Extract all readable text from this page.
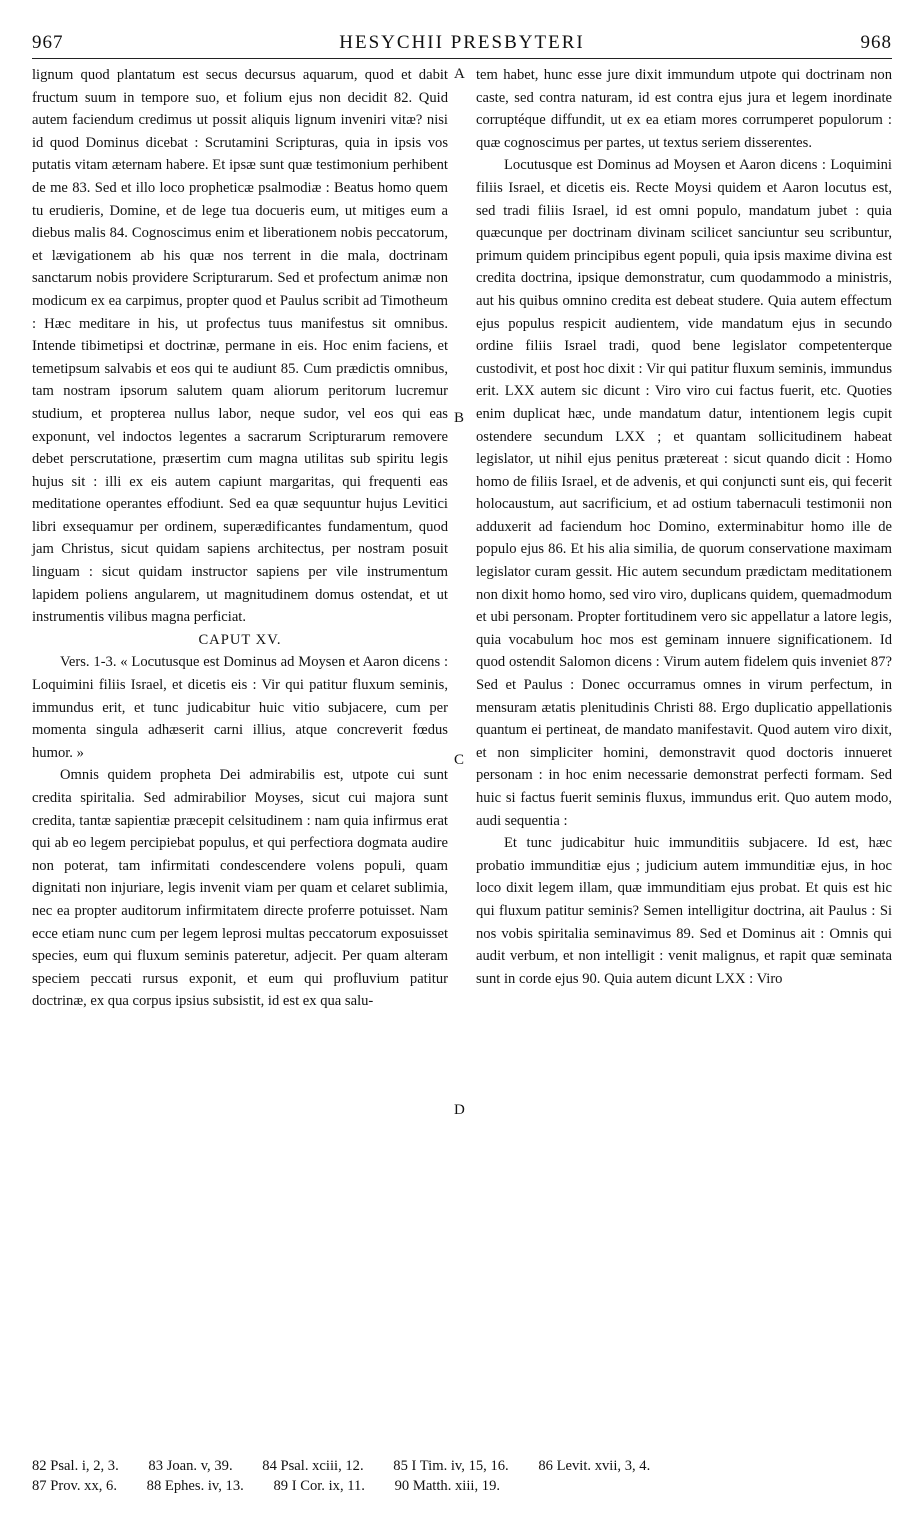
967	HESYCHII PRESBYTERI	968
A
B
C
D

lignum quod plantatum est secus decursus aquarum, quod et dabit fructum suum in tempore suo, et folium ejus non decidit 82. Quid autem faciendum credimus ut possit aliquis lignum inveniri vitæ? nisi id quod Dominus dicebat : Scrutamini Scripturas, quia in ipsis vos putatis vitam æternam habere. Et ipsæ sunt quæ testimonium perhibent de me 83. Sed et illo loco propheticæ psalmodiæ : Beatus homo quem tu erudieris, Domine, et de lege tua docueris eum, ut mitiges eum a diebus malis 84. Cognoscimus enim et liberationem nobis peccatorum, et lævigationem ab his quæ nos terrent in die mala, doctrinam sanctarum nobis providere Scripturarum. Sed et profectum animæ non modicum ex ea carpimus, propter quod et Paulus scribit ad Timotheum : Hæc meditare in his, ut profectus tuus manifestus sit omnibus. Intende tibimetipsi et doctrinæ, permane in eis. Hoc enim faciens, et temetipsum salvabis et eos qui te audiunt 85. Cum prædictis omnibus, tam nostram ipsorum salutem quam aliorum peritorum lucremur studium, et propterea nullus labor, neque sudor, vel eos qui eas exponunt, vel indoctos legentes a sacrarum Scripturarum removere debet perscrutatione, præsertim cum magna utilitas sub spiritu legis hujus sit : illi ex eis autem capiunt margaritas, qui frequenti eas meditatione operantes effodiunt. Sed ea quæ sequuntur hujus Levitici libri exsequamur per ordinem, superædificantes fundamentum, quod jam Christus, sicut quidam sapiens architectus, per nostram posuit linguam : sicut quidam instructor sapiens per vile instrumentum lapidem poliens angularem, ut magnitudinem domus ostendat, et ut instrumentis vilibus magna perficiat.

CAPUT XV.

Vers. 1-3. « Locutusque est Dominus ad Moysen et Aaron dicens : Loquimini filiis Israel, et dicetis eis : Vir qui patitur fluxum seminis, immundus erit, et tunc judicabitur huic vitio subjacere, cum per momenta singula adhæserit carni illius, atque concreverit fœdus humor. »

Omnis quidem propheta Dei admirabilis est, utpote cui sunt credita spiritalia. Sed admirabilior Moyses, sicut cui majora sunt credita, tantæ sapientiæ præcepit celsitudinem : nam quia infirmus erat qui ab eo legem percipiebat populus, et qui perfectiora dogmata audire non poterat, tam infirmitati condescendere volens populi, quam dignitati non injuriare, legis invenit viam per quam et celaret sublimia, nec ea propter auditorum infirmitatem directe proferre potuisset. Nam ecce etiam nunc cum per legem leprosi multas peccatorum exposuisset species, eum qui fluxum seminis pateretur, adjecit. Per quam alteram speciem peccati rursus exponit, et eum qui profluvium patitur doctrinæ, ex qua corpus ipsius subsistit, id est ex qua salu-

tem habet, hunc esse jure dixit immundum utpote qui doctrinam non caste, sed contra naturam, id est contra ejus jura et legem inordinate corruptéque diffundit, ut ex ea etiam mores corrumperet populorum : quæ cognoscimus per partes, ut textus seriem disserentes.

Locutusque est Dominus ad Moysen et Aaron dicens : Loquimini filiis Israel, et dicetis eis. Recte Moysi quidem et Aaron locutus est, sed tradi filiis Israel, id est omni populo, mandatum jubet : quia quæcunque per doctrinam divinam scilicet sanciuntur seu scribuntur, primum quidem principibus egent populi, quia ipsis maxime divina est credita doctrina, ipsique demonstratur, cum quodammodo a ministris, aut his quibus omnino credita est debeat studere. Quia autem effectum ejus populus respicit audientem, vide mandatum ejus in secundo ordine filiis Israel tradi, quod bene legislator competenterque custodivit, et post hoc dixit : Vir qui patitur fluxum seminis, immundus erit. LXX autem sic dicunt : Viro viro cui factus fuerit, etc. Quoties enim duplicat hæc, unde mandatum datur, intentionem legis cupit ostendere secundum LXX ; et quantam sollicitudinem habeat legislator, ut nihil ejus penitus prætereat : sicut quando dicit : Homo homo de filiis Israel, et de advenis, et qui conjuncti sunt eis, qui fecerit holocaustum, aut sacrificium, et ad ostium tabernaculi testimonii non adduxerit ad faciendum hoc Domino, exterminabitur homo ille de populo ejus 86. Et his alia similia, de quorum conservatione maximam legislator curam gessit. Hic autem secundum prædictam meditationem non dixit homo homo, sed viro viro, duplicans quidem, quemadmodum et ubi personam. Propter fortitudinem vero sic appellatur a latore legis, quia vocabulum hoc mos est geminam innuere significationem. Id quod ostendit Salomon dicens : Virum autem fidelem quis inveniet 87? Sed et Paulus : Donec occurramus omnes in virum perfectum, in mensuram ætatis plenitudinis Christi 88. Ergo duplicatio appellationis quantum ei pertineat, de mandato manifestavit. Quod autem viro dixit, et non simpliciter homini, demonstravit quod doctoris innueret personam : in hoc enim necessarie demonstrat perfecti formam. Sed huic si factus fuerit seminis fluxus, immundus erit. Quo autem modo, audi sequentia :

Et tunc judicabitur huic immunditiis subjacere. Id est, hæc probatio immunditiæ ejus ; judicium autem immunditiæ ejus, in hoc loco dixit legem illam, quæ immunditiam ejus probat. Et quis est hic qui fluxum patitur seminis? Semen intelligitur doctrina, ait Paulus : Si nos vobis spiritalia seminavimus 89. Sed et Dominus ait : Omnis qui audit verbum, et non intelligit : venit malignus, et rapit quæ seminata sunt in corde ejus 90. Quia autem dicunt LXX : Viro

82 Psal. i, 2, 3. 83 Joan. v, 39. 84 Psal. xciii, 12. 85 I Tim. iv, 15, 16. 86 Levit. xvii, 3, 4.
87 Prov. xx, 6. 88 Ephes. iv, 13. 89 I Cor. ix, 11. 90 Matth. xiii, 19.
